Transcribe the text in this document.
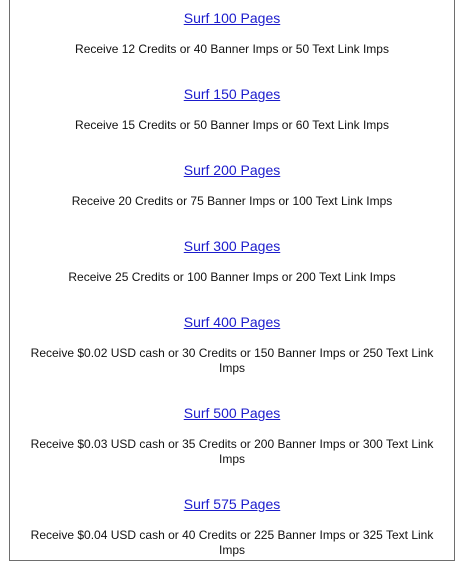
Surf 100 Pages
Receive 12 Credits or 40 Banner Imps or 50 Text Link Imps
Surf 150 Pages
Receive 15 Credits or 50 Banner Imps or 60 Text Link Imps
Surf 200 Pages
Receive 20 Credits or 75 Banner Imps or 100 Text Link Imps
Surf 300 Pages
Receive 25 Credits or 100 Banner Imps or 200 Text Link Imps
Surf 400 Pages
Receive $0.02 USD cash or 30 Credits or 150 Banner Imps or 250 Text Link Imps
Surf 500 Pages
Receive $0.03 USD cash or 35 Credits or 200 Banner Imps or 300 Text Link Imps
Surf 575 Pages
Receive $0.04 USD cash or 40 Credits or 225 Banner Imps or 325 Text Link Imps
